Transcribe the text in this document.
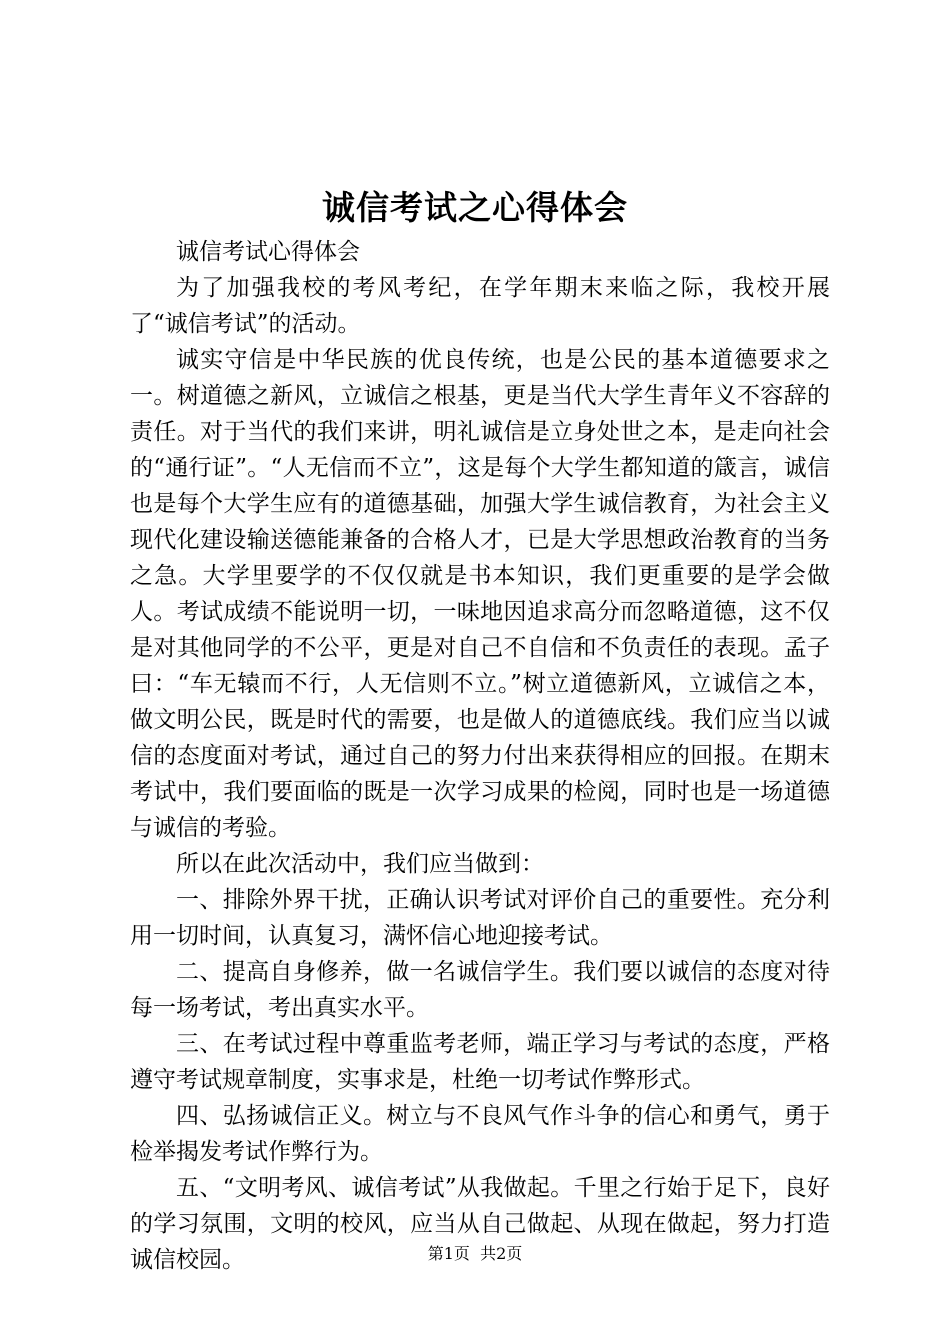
诚信考试之心得体会

诚信考试心得体会

为了加强我校的考风考纪，在学年期末来临之际，我校开展了“诚信考试”的活动。

诚实守信是中华民族的优良传统，也是公民的基本道德要求之一。树道德之新风，立诚信之根基，更是当代大学生青年义不容辞的责任。对于当代的我们来讲，明礼诚信是立身处世之本，是走向社会的“通行证”。“人无信而不立”，这是每个大学生都知道的箴言，诚信也是每个大学生应有的道德基础，加强大学生诚信教育，为社会主义现代化建设输送德能兼备的合格人才，已是大学思想政治教育的当务之急。大学里要学的不仅仅就是书本知识，我们更重要的是学会做人。考试成绩不能说明一切，一味地因追求高分而忽略道德，这不仅是对其他同学的不公平，更是对自己不自信和不负责任的表现。孟子曰：“车无辕而不行，人无信则不立。”树立道德新风，立诚信之本，做文明公民，既是时代的需要，也是做人的道德底线。我们应当以诚信的态度面对考试，通过自己的努力付出来获得相应的回报。在期末考试中，我们要面临的既是一次学习成果的检阅，同时也是一场道德与诚信的考验。

所以在此次活动中，我们应当做到：

一、排除外界干扰，正确认识考试对评价自己的重要性。充分利用一切时间，认真复习，满怀信心地迎接考试。

二、提高自身修养，做一名诚信学生。我们要以诚信的态度对待每一场考试，考出真实水平。

三、在考试过程中尊重监考老师，端正学习与考试的态度，严格遵守考试规章制度，实事求是，杜绝一切考试作弊形式。

四、弘扬诚信正义。树立与不良风气作斗争的信心和勇气，勇于检举揭发考试作弊行为。

五、“文明考风、诚信考试”从我做起。千里之行始于足下，良好的学习氛围，文明的校风，应当从自己做起、从现在做起，努力打造诚信校园。	第1页 共2页
